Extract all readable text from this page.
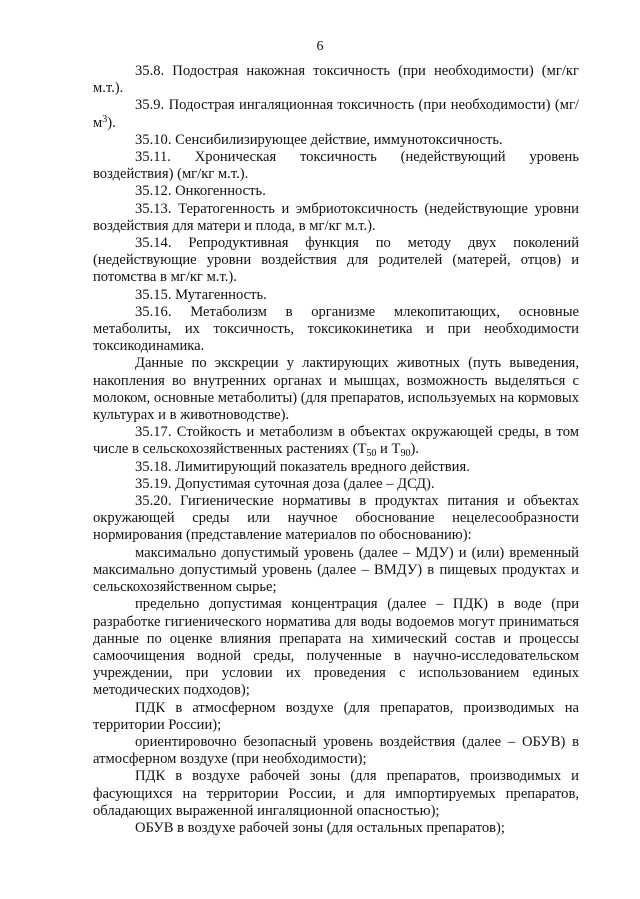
6

35.8. Подострая накожная токсичность (при необходимости) (мг/кг м.т.).

35.9. Подострая ингаляционная токсичность (при необходимости) $(мг/м^3)$.

35.10. Сенсибилизирующее действие, иммунотоксичность.

35.11. Хроническая токсичность (недействующий уровень воздействия) (мг/кг м.т.).

35.12. Онкогенность.

35.13. Тератогенность и эмбриотоксичность (недействующие уровни воздействия для матери и плода, в мг/кг м.т.).

35.14. Репродуктивная функция по методу двух поколений (недействующие уровни воздействия для родителей (матерей, отцов) и потомства в мг/кг м.т.).

35.15. Мутагенность.

35.16. Метаболизм в организме млекопитающих, основные метаболиты, их токсичность, токсикокинетика и при необходимости токсикодинамика.

Данные по экскреции у лактирующих животных (путь выведения, накопления во внутренних органах и мышцах, возможность выделяться с молоком, основные метаболиты) (для препаратов, используемых на кормовых культурах и в животноводстве).

35.17. Стойкость и метаболизм в объектах окружающей среды, в том числе в сельскохозяйственных растениях ($Т_{50}$ и $Т_{90}$).

35.18. Лимитирующий показатель вредного действия.

35.19. Допустимая суточная доза (далее – ДСД).

35.20. Гигиенические нормативы в продуктах питания и объектах окружающей среды или научное обоснование нецелесообразности нормирования (представление материалов по обоснованию):

максимально допустимый уровень (далее – МДУ) и (или) временный максимально допустимый уровень (далее – ВМДУ) в пищевых продуктах и сельскохозяйственном сырье;

предельно допустимая концентрация (далее – ПДК) в воде (при разработке гигиенического норматива для воды водоемов могут приниматься данные по оценке влияния препарата на химический состав и процессы самоочищения водной среды, полученные в научно-исследовательском учреждении, при условии их проведения с использованием единых методических подходов);

ПДК в атмосферном воздухе (для препаратов, производимых на территории России);

ориентировочно безопасный уровень воздействия (далее – ОБУВ) в атмосферном воздухе (при необходимости);

ПДК в воздухе рабочей зоны (для препаратов, производимых и фасующихся на территории России, и для импортируемых препаратов, обладающих выраженной ингаляционной опасностью);

ОБУВ в воздухе рабочей зоны (для остальных препаратов);
